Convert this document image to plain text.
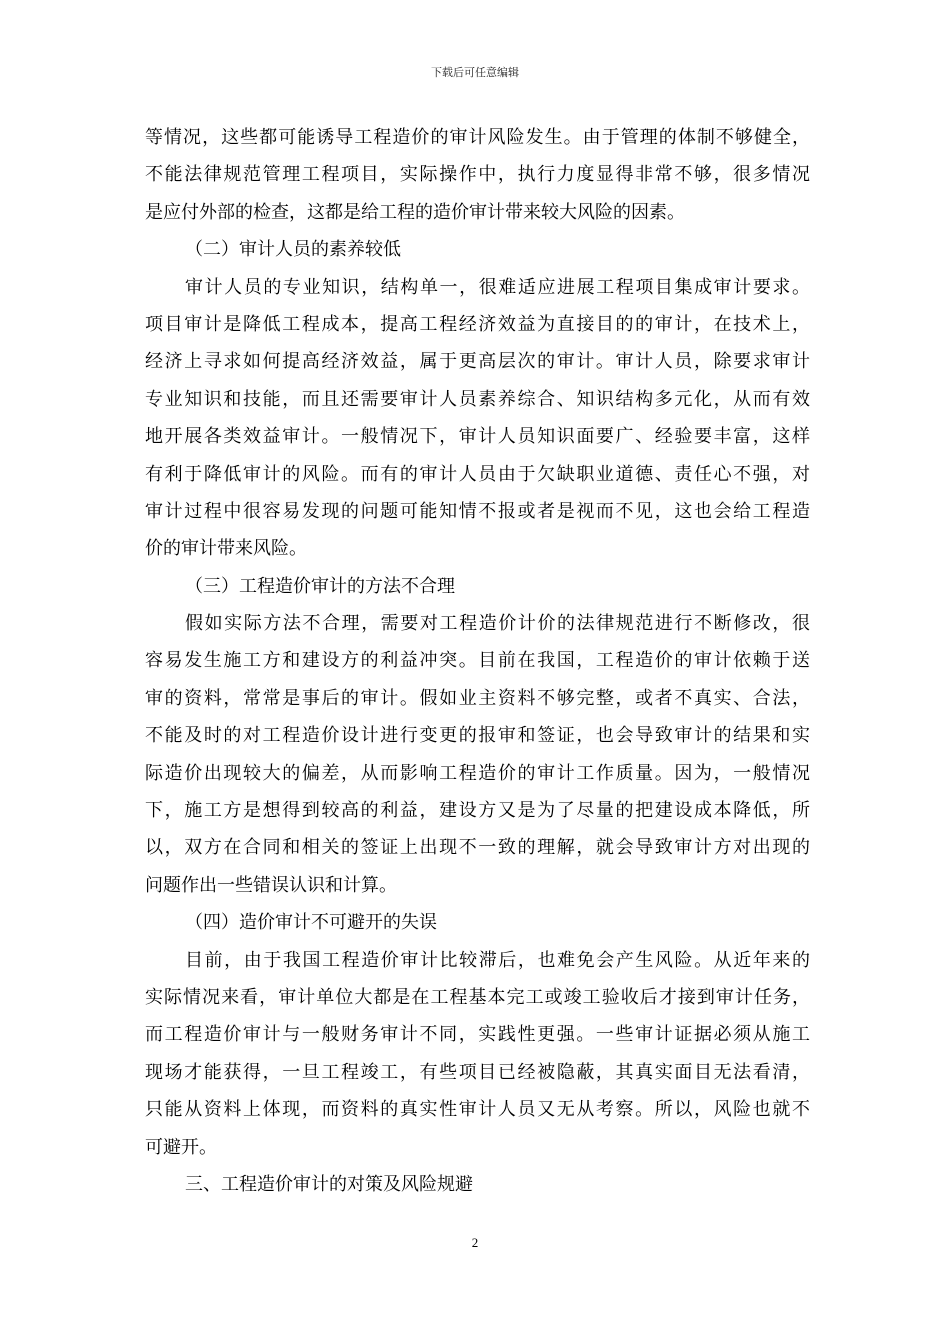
下载后可任意编辑
等情况，这些都可能诱导工程造价的审计风险发生。由于管理的体制不够健全，
不能法律规范管理工程项目，实际操作中，执行力度显得非常不够，很多情况
是应付外部的检查，这都是给工程的造价审计带来较大风险的因素。
（二）审计人员的素养较低
审计人员的专业知识，结构单一，很难适应进展工程项目集成审计要求。
项目审计是降低工程成本，提高工程经济效益为直接目的的审计，在技术上，
经济上寻求如何提高经济效益，属于更高层次的审计。审计人员，除要求审计
专业知识和技能，而且还需要审计人员素养综合、知识结构多元化，从而有效
地开展各类效益审计。一般情况下，审计人员知识面要广、经验要丰富，这样
有利于降低审计的风险。而有的审计人员由于欠缺职业道德、责任心不强，对
审计过程中很容易发现的问题可能知情不报或者是视而不见，这也会给工程造
价的审计带来风险。
（三）工程造价审计的方法不合理
假如实际方法不合理，需要对工程造价计价的法律规范进行不断修改，很
容易发生施工方和建设方的利益冲突。目前在我国，工程造价的审计依赖于送
审的资料，常常是事后的审计。假如业主资料不够完整，或者不真实、合法，
不能及时的对工程造价设计进行变更的报审和签证，也会导致审计的结果和实
际造价出现较大的偏差，从而影响工程造价的审计工作质量。因为，一般情况
下，施工方是想得到较高的利益，建设方又是为了尽量的把建设成本降低，所
以，双方在合同和相关的签证上出现不一致的理解，就会导致审计方对出现的
问题作出一些错误认识和计算。
（四）造价审计不可避开的失误
目前，由于我国工程造价审计比较滞后，也难免会产生风险。从近年来的
实际情况来看，审计单位大都是在工程基本完工或竣工验收后才接到审计任务，
而工程造价审计与一般财务审计不同，实践性更强。一些审计证据必须从施工
现场才能获得，一旦工程竣工，有些项目已经被隐蔽，其真实面目无法看清，
只能从资料上体现，而资料的真实性审计人员又无从考察。所以，风险也就不
可避开。
三、工程造价审计的对策及风险规避
2
